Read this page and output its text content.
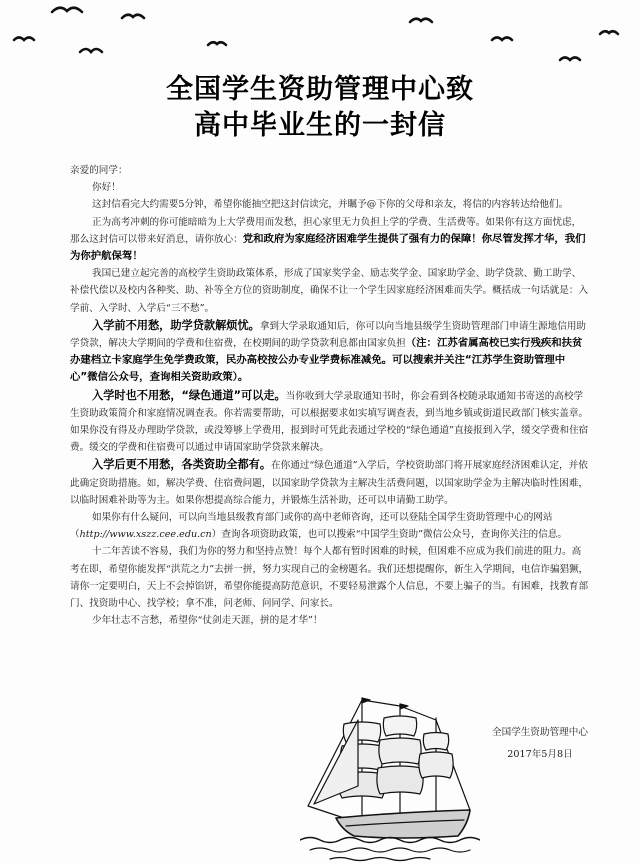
全国学生资助管理中心致
高中毕业生的一封信

亲爱的同学：

你好！

这封信看完大约需要5分钟，希望你能抽空把这封信读完，并瞩予@下你的父母和亲友，将信的内容转达给他们。

正为高考冲刺的你可能暗暗为上大学费用而发愁，担心家里无力负担上学的学费、生活费等。如果你有这方面忧虑，那么这封信可以带来好消息，请你放心：党和政府为家庭经济困难学生提供了强有力的保障！你尽管发挥才华，我们为你护航保驾！

我国已建立起完善的高校学生资助政策体系，形成了国家奖学金、励志奖学金、国家助学金、助学贷款、勤工助学、补偿代偿以及校内各种奖、助、补等全方位的资助制度，确保不让一个学生因家庭经济困难而失学。概括成一句话就是：入学前、入学时、入学后“三不愁”。

入学前不用愁，助学贷款解烦忧。拿到大学录取通知后，你可以向当地县级学生资助管理部门申请生源地信用助学贷款，解决大学期间的学费和住宿费，在校期间的助学贷款利息都由国家负担（注：江苏省属高校已实行残疾和扶贫办建档立卡家庭学生免学费政策，民办高校按公办专业学费标准减免。可以搜索并关注“江苏学生资助管理中心”微信公众号，查询相关资助政策）。

入学时也不用愁，“绿色通道”可以走。当你收到大学录取通知书时，你会看到各校随录取通知书寄送的高校学生资助政策简介和家庭情况调查表。你若需要帮助，可以根据要求如实填写调查表，到当地乡镇或街道民政部门核实盖章。如果你没有得及办理助学贷款，或没筹够上学费用，报到时可凭此表通过学校的“绿色通道”直接报到入学，缓交学费和住宿费。缓交的学费和住宿费可以通过申请国家助学贷款来解决。

入学后更不用愁，各类资助全都有。在你通过“绿色通道”入学后，学校资助部门将开展家庭经济困难认定，并依此确定资助措施。如，解决学费、住宿费问题，以国家助学贷款为主解决生活费问题，以国家助学金为主解决临时性困难，以临时困难补助等为主。如果你想提高综合能力，并锻炼生活补助，还可以申请勤工助学。

如果你有什么疑问，可以向当地县级教育部门或你的高中老师咨询，还可以登陆全国学生资助管理中心的网站（http://www.xszz.cee.edu.cn）查询各项资助政策，也可以搜索“中国学生资助”微信公众号，查询你关注的信息。

十二年苦读不容易，我们为你的努力和坚持点赞！每个人都有暂时困难的时候，但困难不应成为我们前进的阻力。高考在即，希望你能发挥“洪荒之力”去拼一拼，努力实现自己的金榜题名。我们还想提醒你，新生入学期间，电信诈骗猖獗，请你一定要明白，天上不会掉馅饼，希望你能提高防范意识，不要轻易泄露个人信息，不要上骗子的当。有困难，找教育部门、找资助中心、找学校；拿不准，问老师、问同学、问家长。

少年壮志不言愁，希望你“仗剑走天涯，拼的是才华”！

全国学生资助管理中心
2017年5月8日
